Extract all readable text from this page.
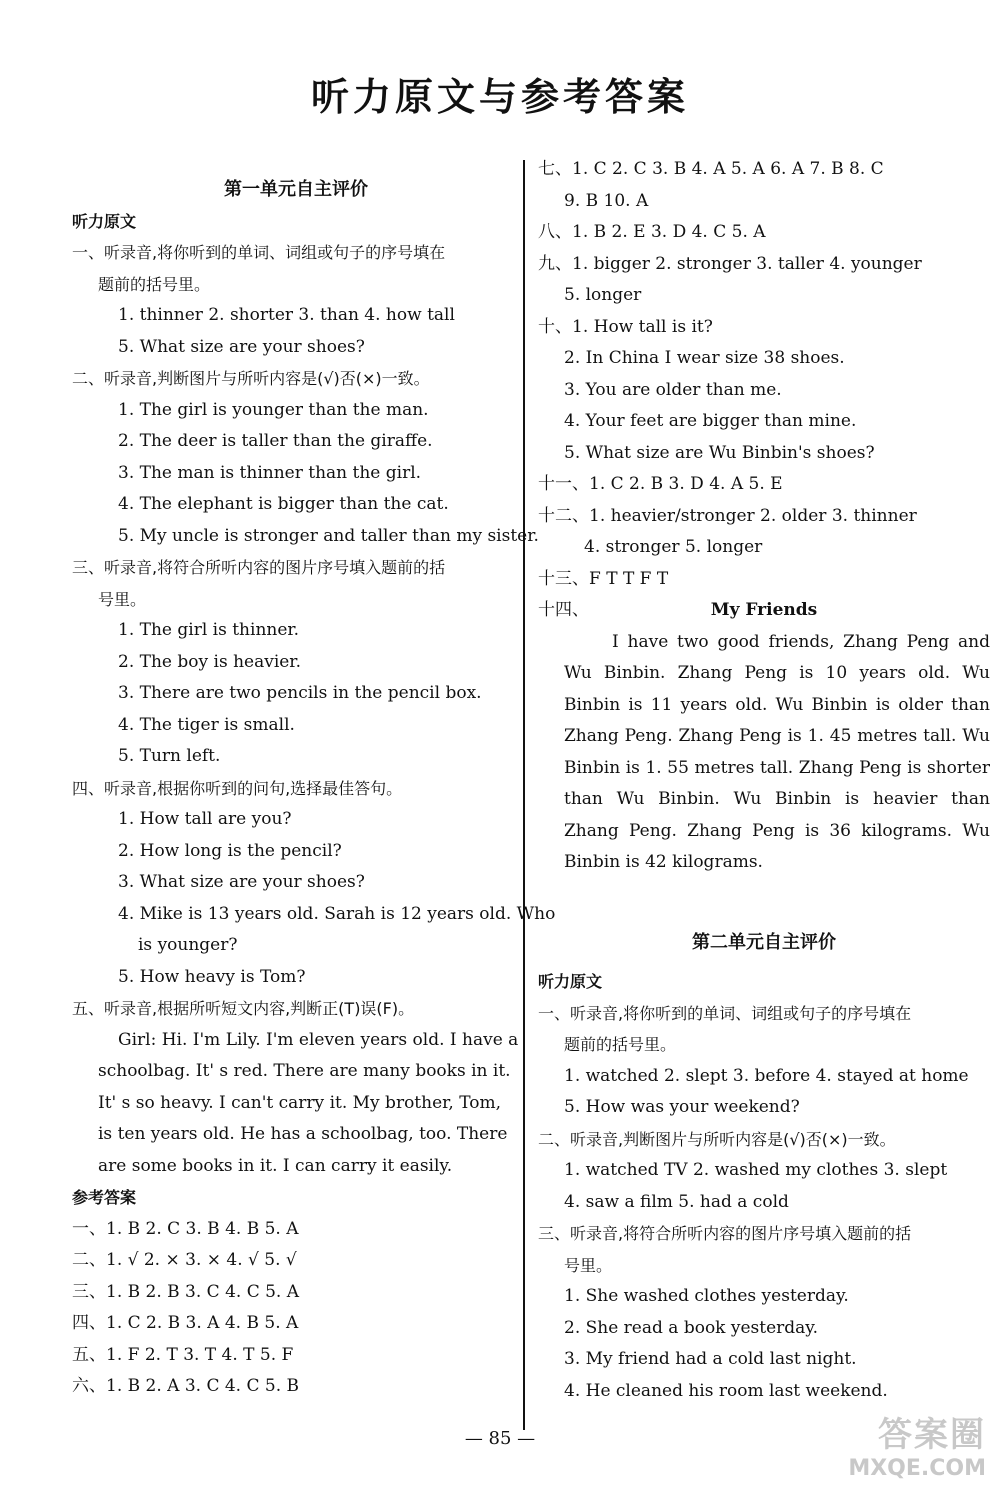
听力原文与参考答案
第一单元自主评价
听力原文
一、听录音,将你听到的单词、词组或句子的序号填在
题前的括号里。
1. thinner 2. shorter 3. than 4. how tall
5. What size are your shoes?
二、听录音,判断图片与所听内容是(√)否(×)一致。
1. The girl is younger than the man.
2. The deer is taller than the giraffe.
3. The man is thinner than the girl.
4. The elephant is bigger than the cat.
5. My uncle is stronger and taller than my sister.
三、听录音,将符合所听内容的图片序号填入题前的括
号里。
1. The girl is thinner.
2. The boy is heavier.
3. There are two pencils in the pencil box.
4. The tiger is small.
5. Turn left.
四、听录音,根据你听到的问句,选择最佳答句。
1. How tall are you?
2. How long is the pencil?
3. What size are your shoes?
4. Mike is 13 years old. Sarah is 12 years old. Who
is younger?
5. How heavy is Tom?
五、听录音,根据所听短文内容,判断正(T)误(F)。
Girl: Hi. I'm Lily. I'm eleven years old. I have a
schoolbag. It' s red. There are many books in it.
It' s so heavy. I can't carry it. My brother, Tom,
is ten years old. He has a schoolbag, too. There
are some books in it. I can carry it easily.
参考答案
一、1. B 2. C 3. B 4. B 5. A
二、1. √ 2. × 3. × 4. √ 5. √
三、1. B 2. B 3. C 4. C 5. A
四、1. C 2. B 3. A 4. B 5. A
五、1. F 2. T 3. T 4. T 5. F
六、1. B 2. A 3. C 4. C 5. B
七、1. C 2. C 3. B 4. A 5. A 6. A 7. B 8. C
9. B 10. A
八、1. B 2. E 3. D 4. C 5. A
九、1. bigger 2. stronger 3. taller 4. younger
5. longer
十、1. How tall is it?
2. In China I wear size 38 shoes.
3. You are older than me.
4. Your feet are bigger than mine.
5. What size are Wu Binbin's shoes?
十一、1. C 2. B 3. D 4. A 5. E
十二、1. heavier/stronger 2. older 3. thinner
4. stronger 5. longer
十三、F T T F T
十四、	My Friends
I have two good friends, Zhang Peng and Wu Binbin. Zhang Peng is 10 years old. Wu Binbin is 11 years old. Wu Binbin is older than Zhang Peng. Zhang Peng is 1. 45 metres tall. Wu Binbin is 1. 55 metres tall. Zhang Peng is shorter than Wu Binbin. Wu Binbin is heavier than Zhang Peng. Zhang Peng is 36 kilograms. Wu Binbin is 42 kilograms.
第二单元自主评价
听力原文
一、听录音,将你听到的单词、词组或句子的序号填在
题前的括号里。
1. watched 2. slept 3. before 4. stayed at home
5. How was your weekend?
二、听录音,判断图片与所听内容是(√)否(×)一致。
1. watched TV 2. washed my clothes 3. slept
4. saw a film 5. had a cold
三、听录音,将符合所听内容的图片序号填入题前的括
号里。
1. She washed clothes yesterday.
2. She read a book yesterday.
3. My friend had a cold last night.
4. He cleaned his room last weekend.
— 85 —	答案圈
MXQE.COM
